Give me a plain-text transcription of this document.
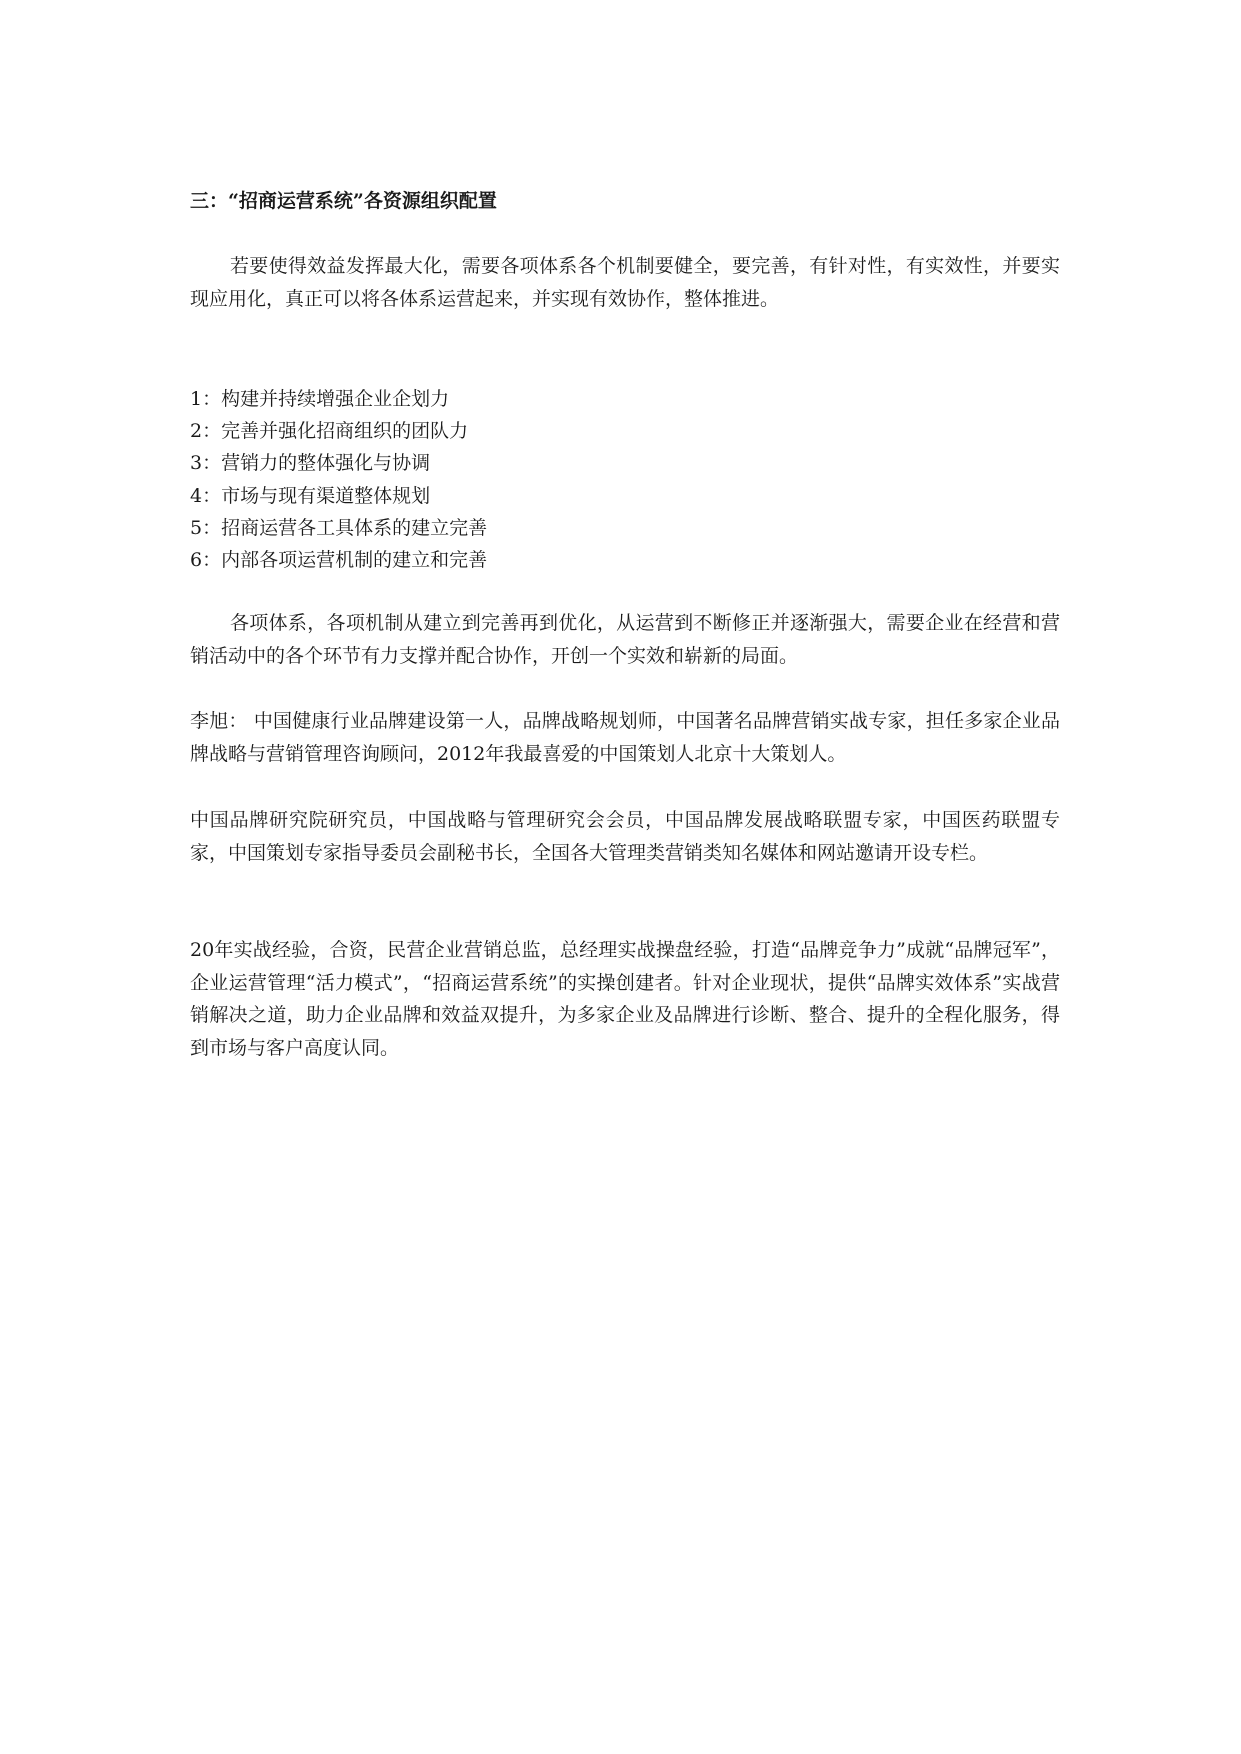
三：“招商运营系统”各资源组织配置

若要使得效益发挥最大化，需要各项体系各个机制要健全，要完善，有针对性，有实效性，并要实现应用化，真正可以将各体系运营起来，并实现有效协作，整体推进。

1：构建并持续增强企业企划力
2：完善并强化招商组织的团队力
3：营销力的整体强化与协调
4：市场与现有渠道整体规划
5：招商运营各工具体系的建立完善
6：内部各项运营机制的建立和完善

各项体系，各项机制从建立到完善再到优化，从运营到不断修正并逐渐强大，需要企业在经营和营销活动中的各个环节有力支撑并配合协作，开创一个实效和崭新的局面。

李旭： 中国健康行业品牌建设第一人，品牌战略规划师，中国著名品牌营销实战专家，担任多家企业品牌战略与营销管理咨询顾问，2012年我最喜爱的中国策划人北京十大策划人。

中国品牌研究院研究员，中国战略与管理研究会会员，中国品牌发展战略联盟专家，中国医药联盟专家，中国策划专家指导委员会副秘书长，全国各大管理类营销类知名媒体和网站邀请开设专栏。

20年实战经验，合资，民营企业营销总监，总经理实战操盘经验，打造“品牌竞争力”成就“品牌冠军”，企业运营管理“活力模式”，“招商运营系统”的实操创建者。针对企业现状，提供“品牌实效体系”实战营销解决之道，助力企业品牌和效益双提升，为多家企业及品牌进行诊断、整合、提升的全程化服务，得到市场与客户高度认同。
